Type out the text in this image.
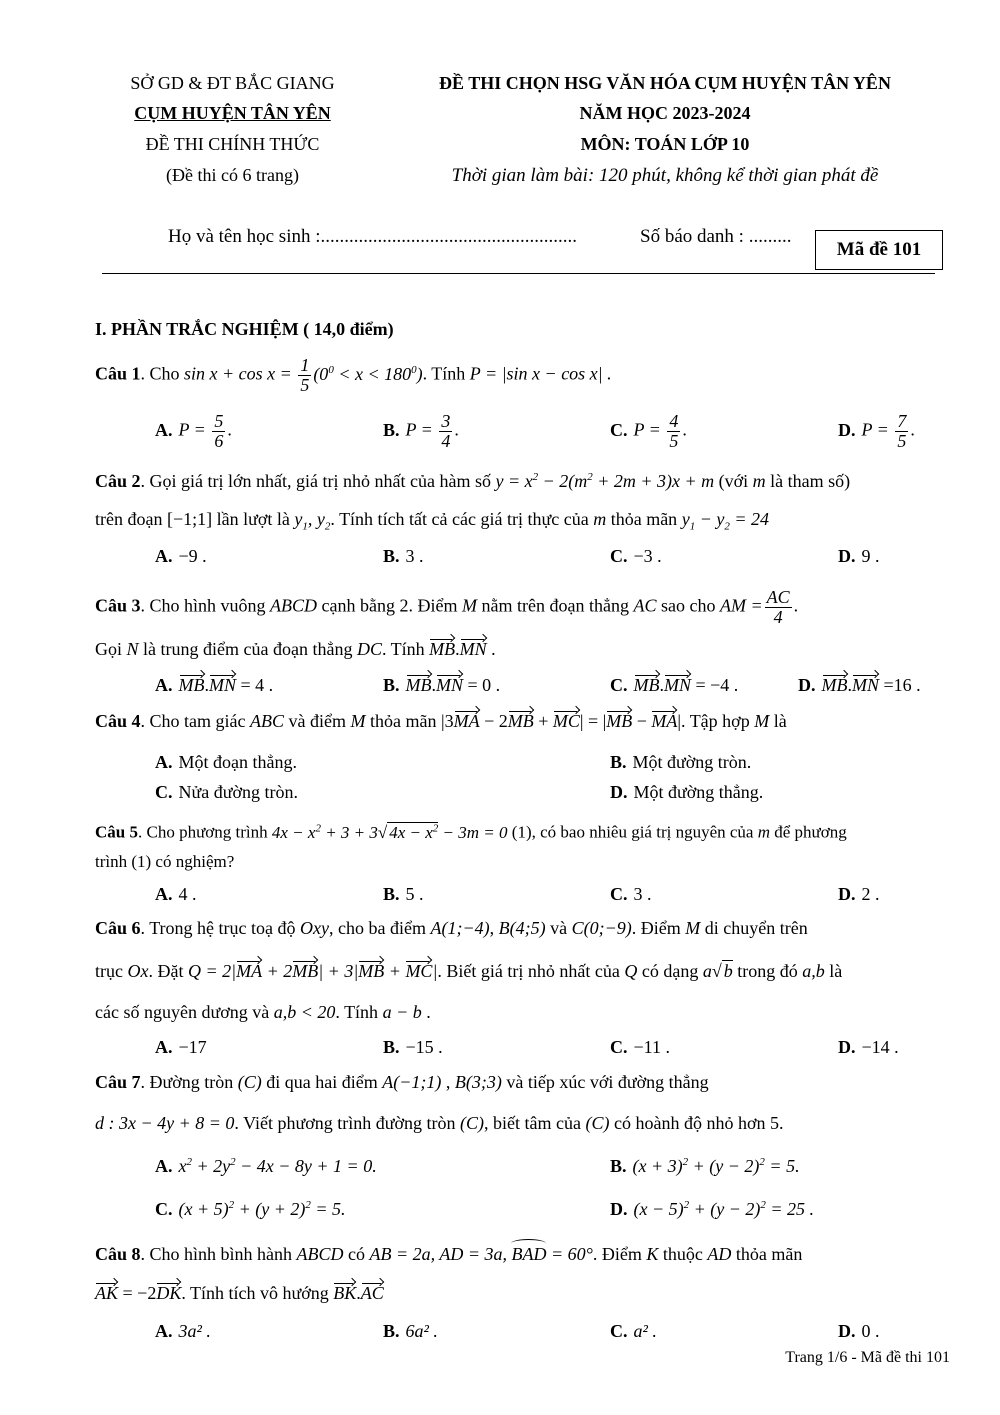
SỞ GD & ĐT BẮC GIANG
CỤM HUYỆN TÂN YÊN
ĐỀ THI CHÍNH THỨC
(Đề thi có 6 trang)
ĐỀ THI CHỌN HSG VĂN HÓA CỤM HUYỆN TÂN YÊN
NĂM HỌC 2023-2024
MÔN: TOÁN LỚP 10
Thời gian làm bài: 120 phút, không kể thời gian phát đề
Họ và tên học sinh :......................................................	Số báo danh : .........
Mã đề 101
I. PHẦN TRẮC NGHIỆM ( 14,0 điểm)
Câu 1. Cho $\sin x + \cos x = \frac{1}{5} (0^0 < x < 180^0)$. Tính P = |sin x − cos x| .
A. $P = \frac{5}{6}$ .	B. $P = \frac{3}{4}$ .	C. $P = \frac{4}{5}$ .	D. $P = \frac{7}{5}$ .
Câu 2. Gọi giá trị lớn nhất, giá trị nhỏ nhất của hàm số $y = x^2 - 2(m^2 + 2m + 3)x + m$ (với m là tham số)
trên đoạn [−1;1] lần lượt là $y_1$, $y_2$. Tính tích tất cả các giá trị thực của m thỏa mãn $y_1 - y_2 = 24$
A. −9 .	B. 3 .	C. −3 .	D. 9 .
Câu 3. Cho hình vuông ABCD cạnh bằng 2. Điểm M nằm trên đoạn thẳng AC sao cho AM = $\frac{AC}{4}$ .
Gọi N là trung điểm của đoạn thẳng DC. Tính MB.MN .
A. MB.MN = 4 .	B. MB.MN = 0 .	C. MB.MN = −4 .	D. MB.MN =16 .
Câu 4. Cho tam giác ABC và điểm M thỏa mãn |3MA − 2MB + MC| = |MB − MA|. Tập hợp M là
A. Một đoạn thẳng.	B. Một đường tròn.
C. Nửa đường tròn.	D. Một đường thẳng.
Câu 5. Cho phương trình $4x - x^2 + 3 + 3√$ $4x - x^2 - 3m = 0$ (1), có bao nhiêu giá trị nguyên của m để phương
trình (1) có nghiệm?
A. 4 .	B. 5 .	C. 3 .	D. 2 .
Câu 6. Trong hệ trục toạ độ Oxy, cho ba điểm A(1;−4), B(4;5) và C(0;−9). Điểm M di chuyển trên
trục Ox. Đặt Q = 2|MA + 2MB| + 3|MB + MC|. Biết giá trị nhỏ nhất của Q có dạng a√ b trong đó a,b là
các số nguyên dương và a,b < 20. Tính a − b .
A. −17	B. −15 .	C. −11 .	D. −14 .
Câu 7. Đường tròn (C) đi qua hai điểm A(−1;1) , B(3;3) và tiếp xúc với đường thẳng
d : 3x − 4y + 8 = 0. Viết phương trình đường tròn (C), biết tâm của (C) có hoành độ nhỏ hơn 5.
A. $x^2 + 2y^2 - 4x - 8y + 1 = 0$.	B. $(x + 3)^2 + (y - 2)^2 = 5$.
C. $(x + 5)^2 + (y + 2)^2 = 5$.	D. $(x - 5)^2 + (y - 2)^2 = 25$ .
Câu 8. Cho hình bình hành ABCD có AB = 2a, AD = 3a, BAD = 60°. Điểm K thuộc AD thỏa mãn
AK = −2DK. Tính tích vô hướng BK.AC
A. 3a² .	B. 6a² .	C. a² .	D. 0 .
Trang 1/6 - Mã đề thi 101
